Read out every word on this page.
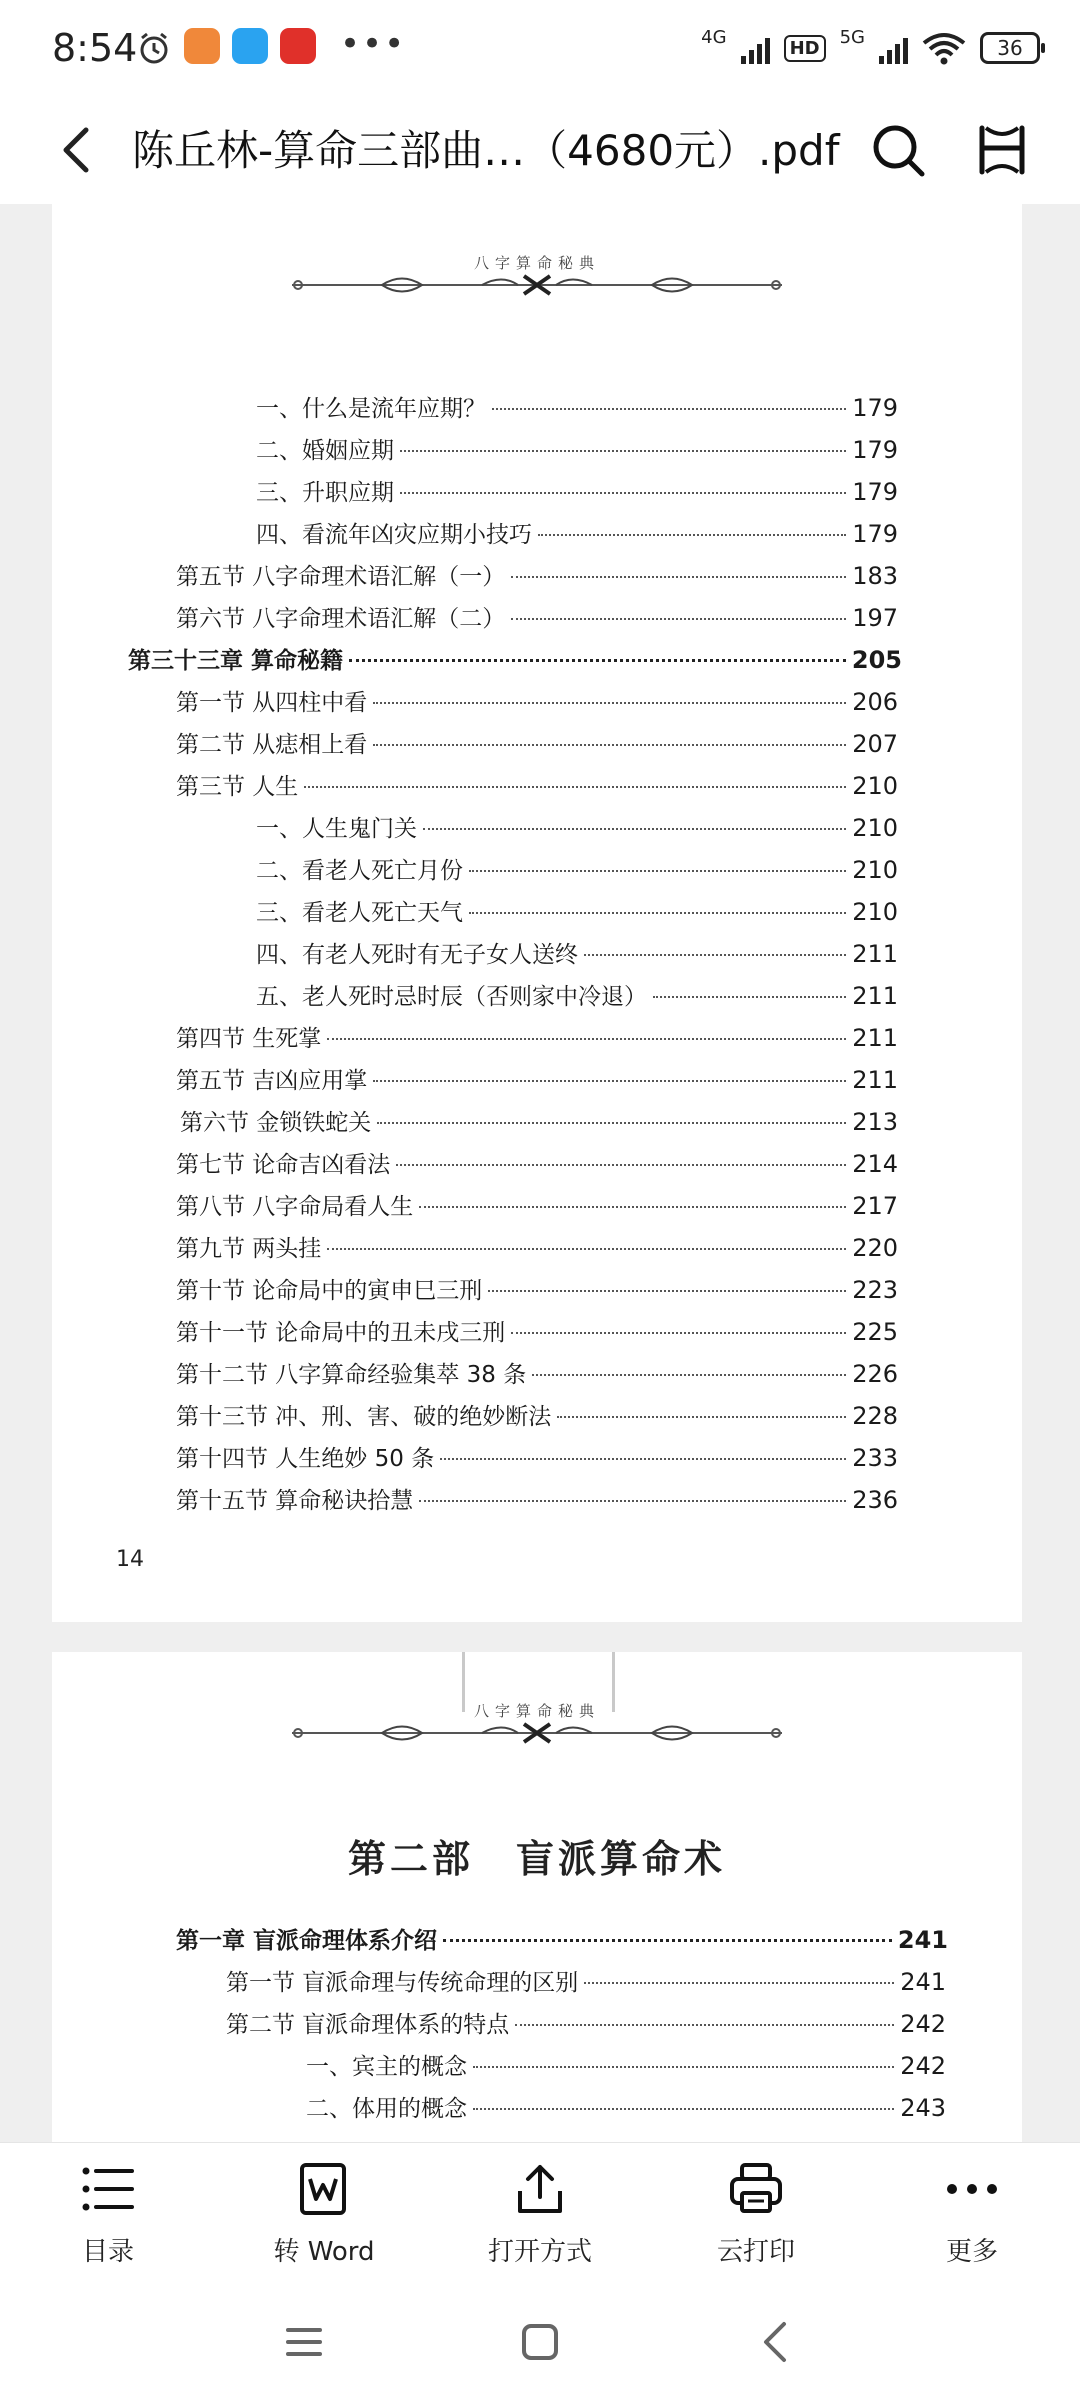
8:54	•••	$^{4G}$
HD
$^{5G}$	36
陈丘林-算命三部曲…（4680元）.pdf
八字算命秘典
一、什么是流年应期？	179
二、婚姻应期	179
三、升职应期	179
四、看流年凶灾应期小技巧	179
第五节 八字命理术语汇解（一）	183
第六节 八字命理术语汇解（二）	197
第三十三章 算命秘籍	205
第一节 从四柱中看	206
第二节 从痣相上看	207
第三节 人生	210
一、人生鬼门关	210
二、看老人死亡月份	210
三、看老人死亡天气	210
四、有老人死时有无子女人送终	211
五、老人死时忌时辰（否则家中冷退）	211
第四节 生死掌	211
第五节 吉凶应用掌	211
第六节 金锁铁蛇关	213
第七节 论命吉凶看法	214
第八节 八字命局看人生	217
第九节 两头挂	220
第十节 论命局中的寅申巳三刑	223
第十一节 论命局中的丑未戌三刑	225
第十二节 八字算命经验集萃 38 条	226
第十三节 冲、刑、害、破的绝妙断法	228
第十四节 人生绝妙 50 条	233
第十五节 算命秘诀拾慧	236
14
八字算命秘典
第二部　盲派算命术
第一章 盲派命理体系介绍	241
第一节 盲派命理与传统命理的区别	241
第二节 盲派命理体系的特点	242
一、宾主的概念	242
二、体用的概念	243
目录	转 Word	打开方式	云打印	更多
